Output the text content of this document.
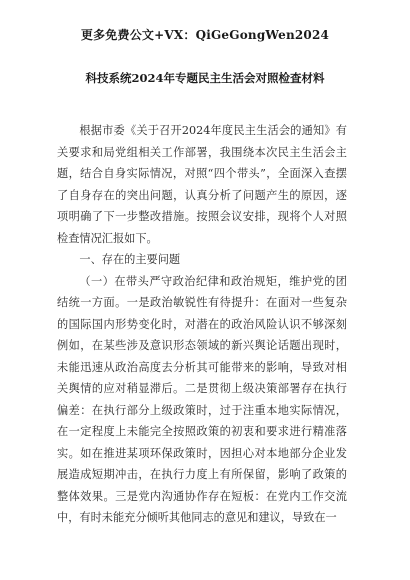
更多免费公文+VX：QiGeGongWen2024
科技系统2024年专题民主生活会对照检查材料

根据市委《关于召开2024年度民主生活会的通知》有关要求和局党组相关工作部署，我围绕本次民主生活会主题，结合自身实际情况，对照“四个带头”，全面深入查摆了自身存在的突出问题，认真分析了问题产生的原因，逐项明确了下一步整改措施。按照会议安排，现将个人对照检查情况汇报如下。

一、存在的主要问题

（一）在带头严守政治纪律和政治规矩，维护党的团结统一方面。一是政治敏锐性有待提升：在面对一些复杂的国际国内形势变化时，对潜在的政治风险认识不够深刻例如，在某些涉及意识形态领域的新兴舆论话题出现时，未能迅速从政治高度去分析其可能带来的影响，导致对相关舆情的应对稍显滞后。二是贯彻上级决策部署存在执行偏差：在执行部分上级政策时，过于注重本地实际情况，在一定程度上未能完全按照政策的初衷和要求进行精准落实。如在推进某项环保政策时，因担心对本地部分企业发展造成短期冲击，在执行力度上有所保留，影响了政策的整体效果。三是党内沟通协作存在短板：在党内工作交流中，有时未能充分倾听其他同志的意见和建议，导致在一
